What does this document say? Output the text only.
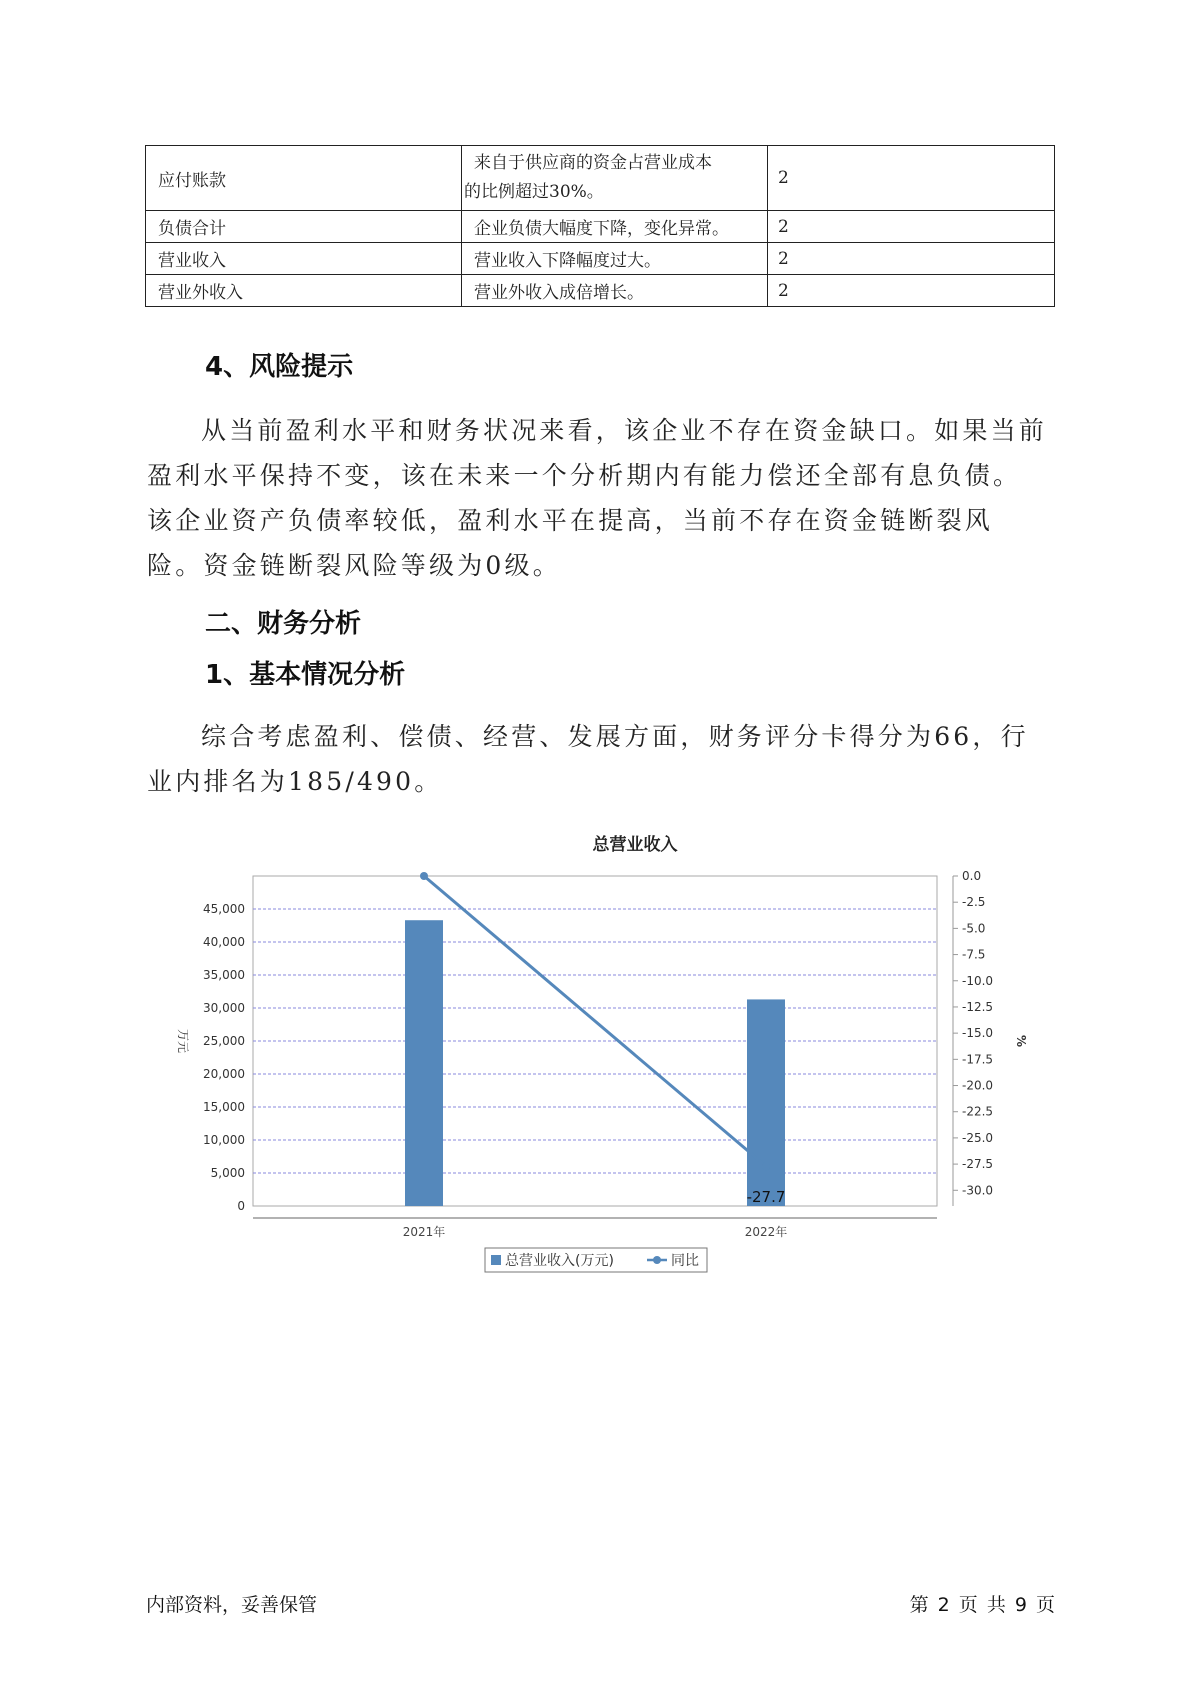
应付账款	来自于供应商的资金占营业成本
的比例超过30%。	2
负债合计	企业负债大幅度下降，变化异常。	2
营业收入	营业收入下降幅度过大。	2
营业外收入	营业外收入成倍增长。	2
4、风险提示

从当前盈利水平和财务状况来看，该企业不存在资金缺口。如果当前盈利水平保持不变，该在未来一个分析期内有能力偿还全部有息负债。该企业资产负债率较低，盈利水平在提高，当前不存在资金链断裂风险。资金链断裂风险等级为0级。

二、财务分析
1、基本情况分析

综合考虑盈利、偿债、经营、发展方面，财务评分卡得分为66，行业内排名为185/490。

总营业收入
0
5,000
10,000
15,000
20,000
25,000
30,000
35,000
40,000
45,000
万元
0.0
-2.5
-5.0
-7.5
-10.0
-12.5
-15.0
-17.5
-20.0
-22.5
-25.0
-27.5
-30.0
%
2021年	2022年
-27.7
总营业收入(万元)	同比
内部资料，妥善保管	第 2 页 共 9 页
